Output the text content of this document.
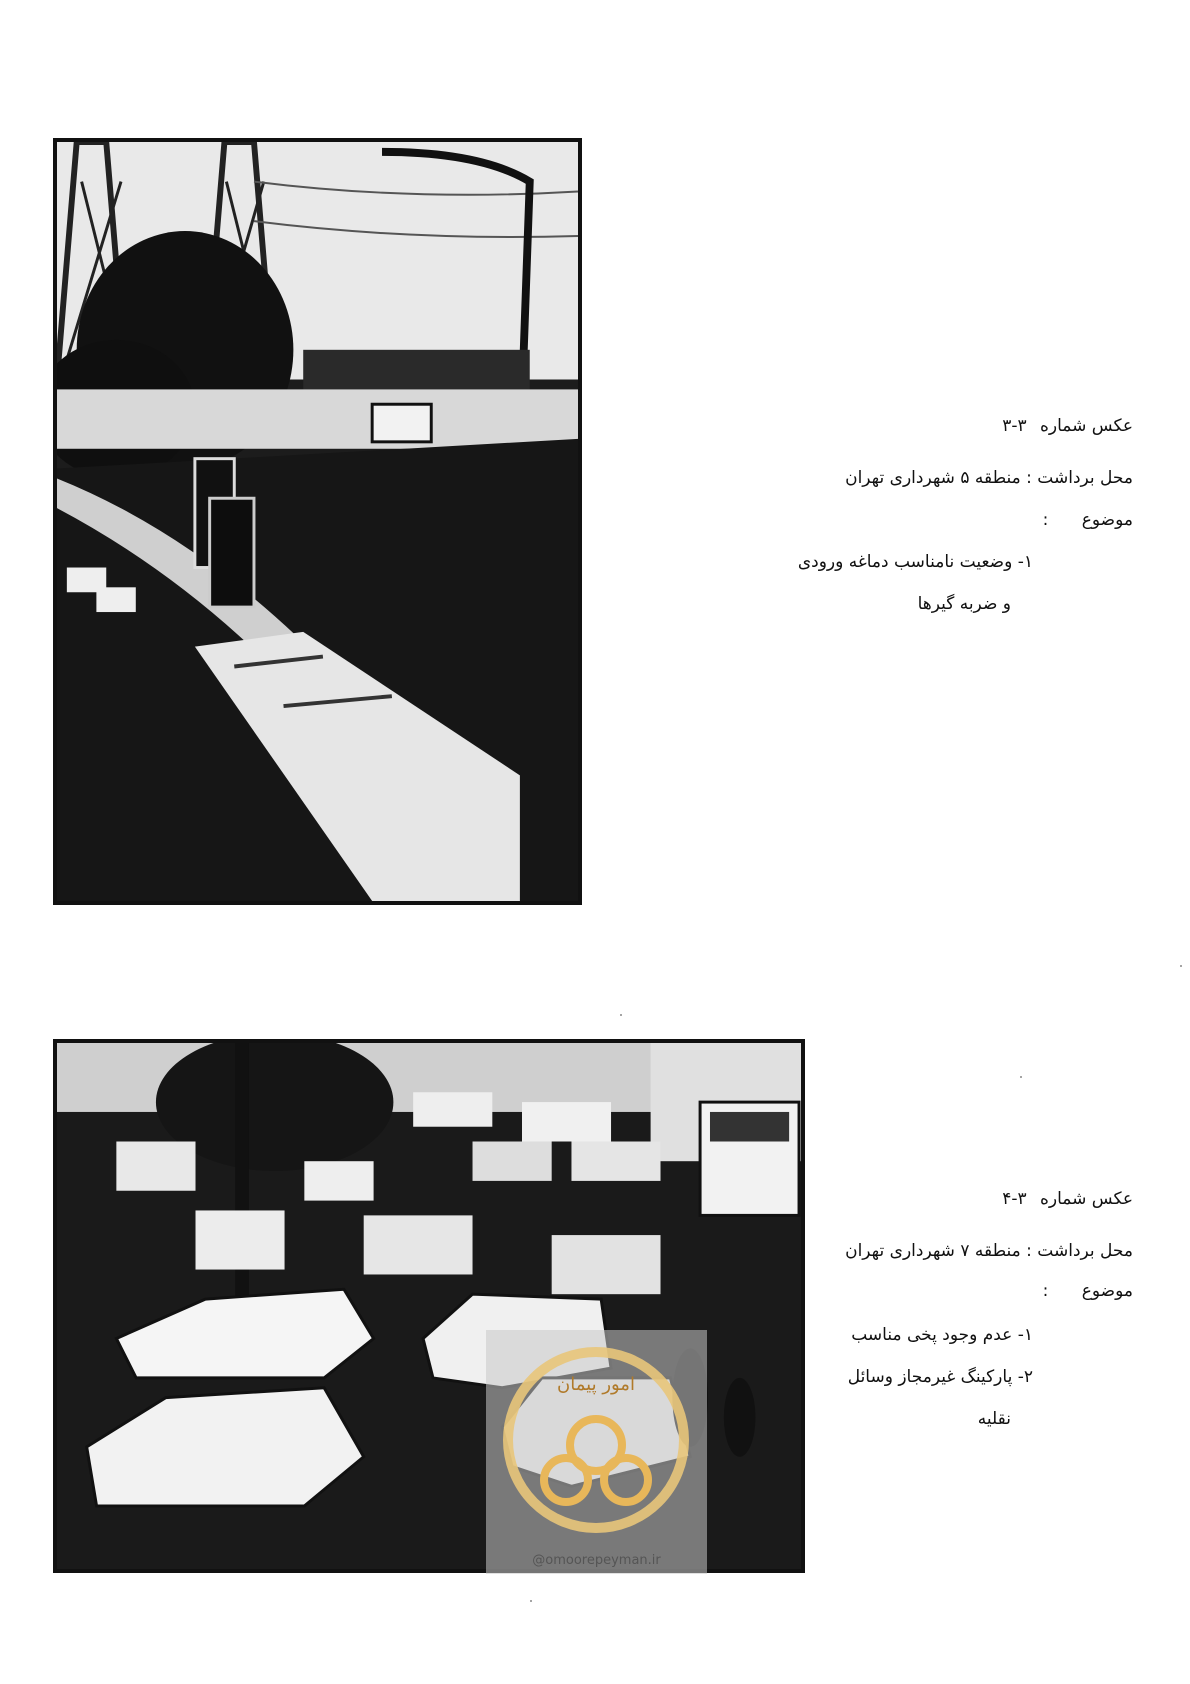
عکس شماره ۳-۳
محل برداشت : منطقه ۵ شهرداری تهران
موضوع :
۱- وضعیت نامناسب دماغه ورودی
و ضربه گیرها
امور پیمان
@omoorepeyman.ir
عکس شماره ۳-۴
محل برداشت : منطقه ۷ شهرداری تهران
موضوع :
۱- عدم وجود پخی مناسب
۲- پارکینگ غیرمجاز وسائل
نقلیه
